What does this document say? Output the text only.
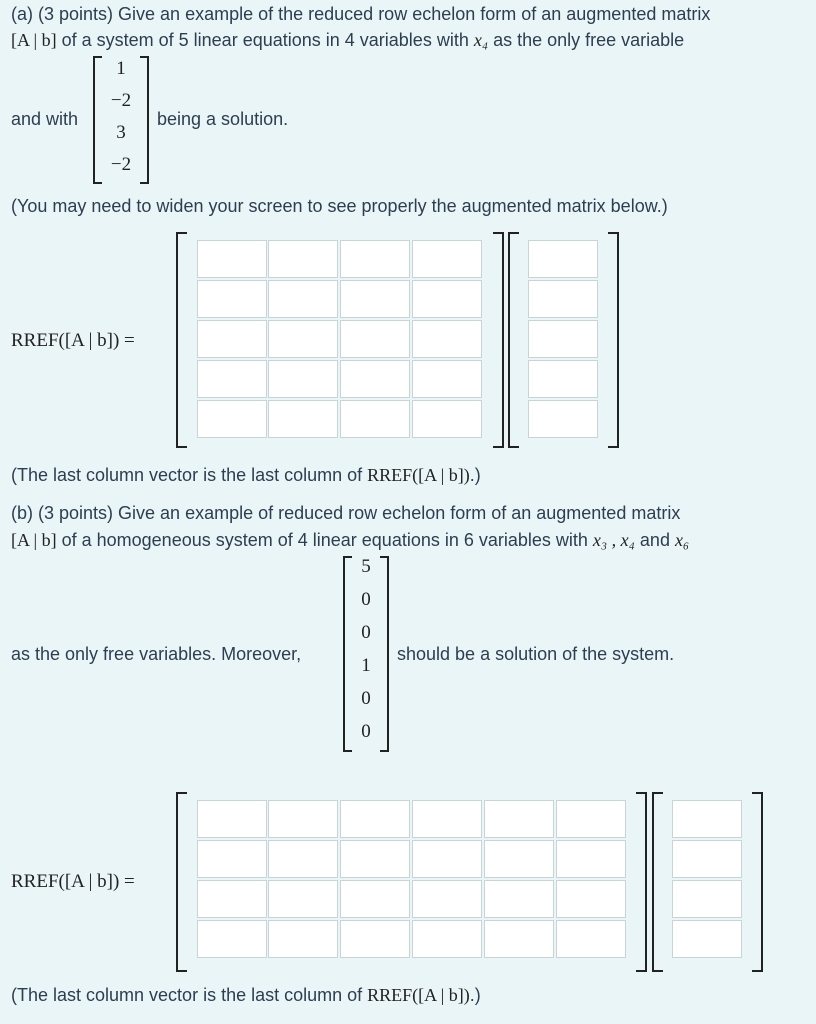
(a) (3 points) Give an example of the reduced row echelon form of an augmented matrix
[A | b] of a system of 5 linear equations in 4 variables with x₄ as the only free variable
and with
1
−2
3
−2
being a solution.
(You may need to widen your screen to see properly the augmented matrix below.)
RREF([A | b]) =
(The last column vector is the last column of RREF([A | b]).)
(b) (3 points) Give an example of reduced row echelon form of an augmented matrix
[A | b] of a homogeneous system of 4 linear equations in 6 variables with x₃ , x₄ and x₆
as the only free variables. Moreover,
5
0
0
1
0
0
should be a solution of the system.
RREF([A | b]) =
(The last column vector is the last column of RREF([A | b]).)
